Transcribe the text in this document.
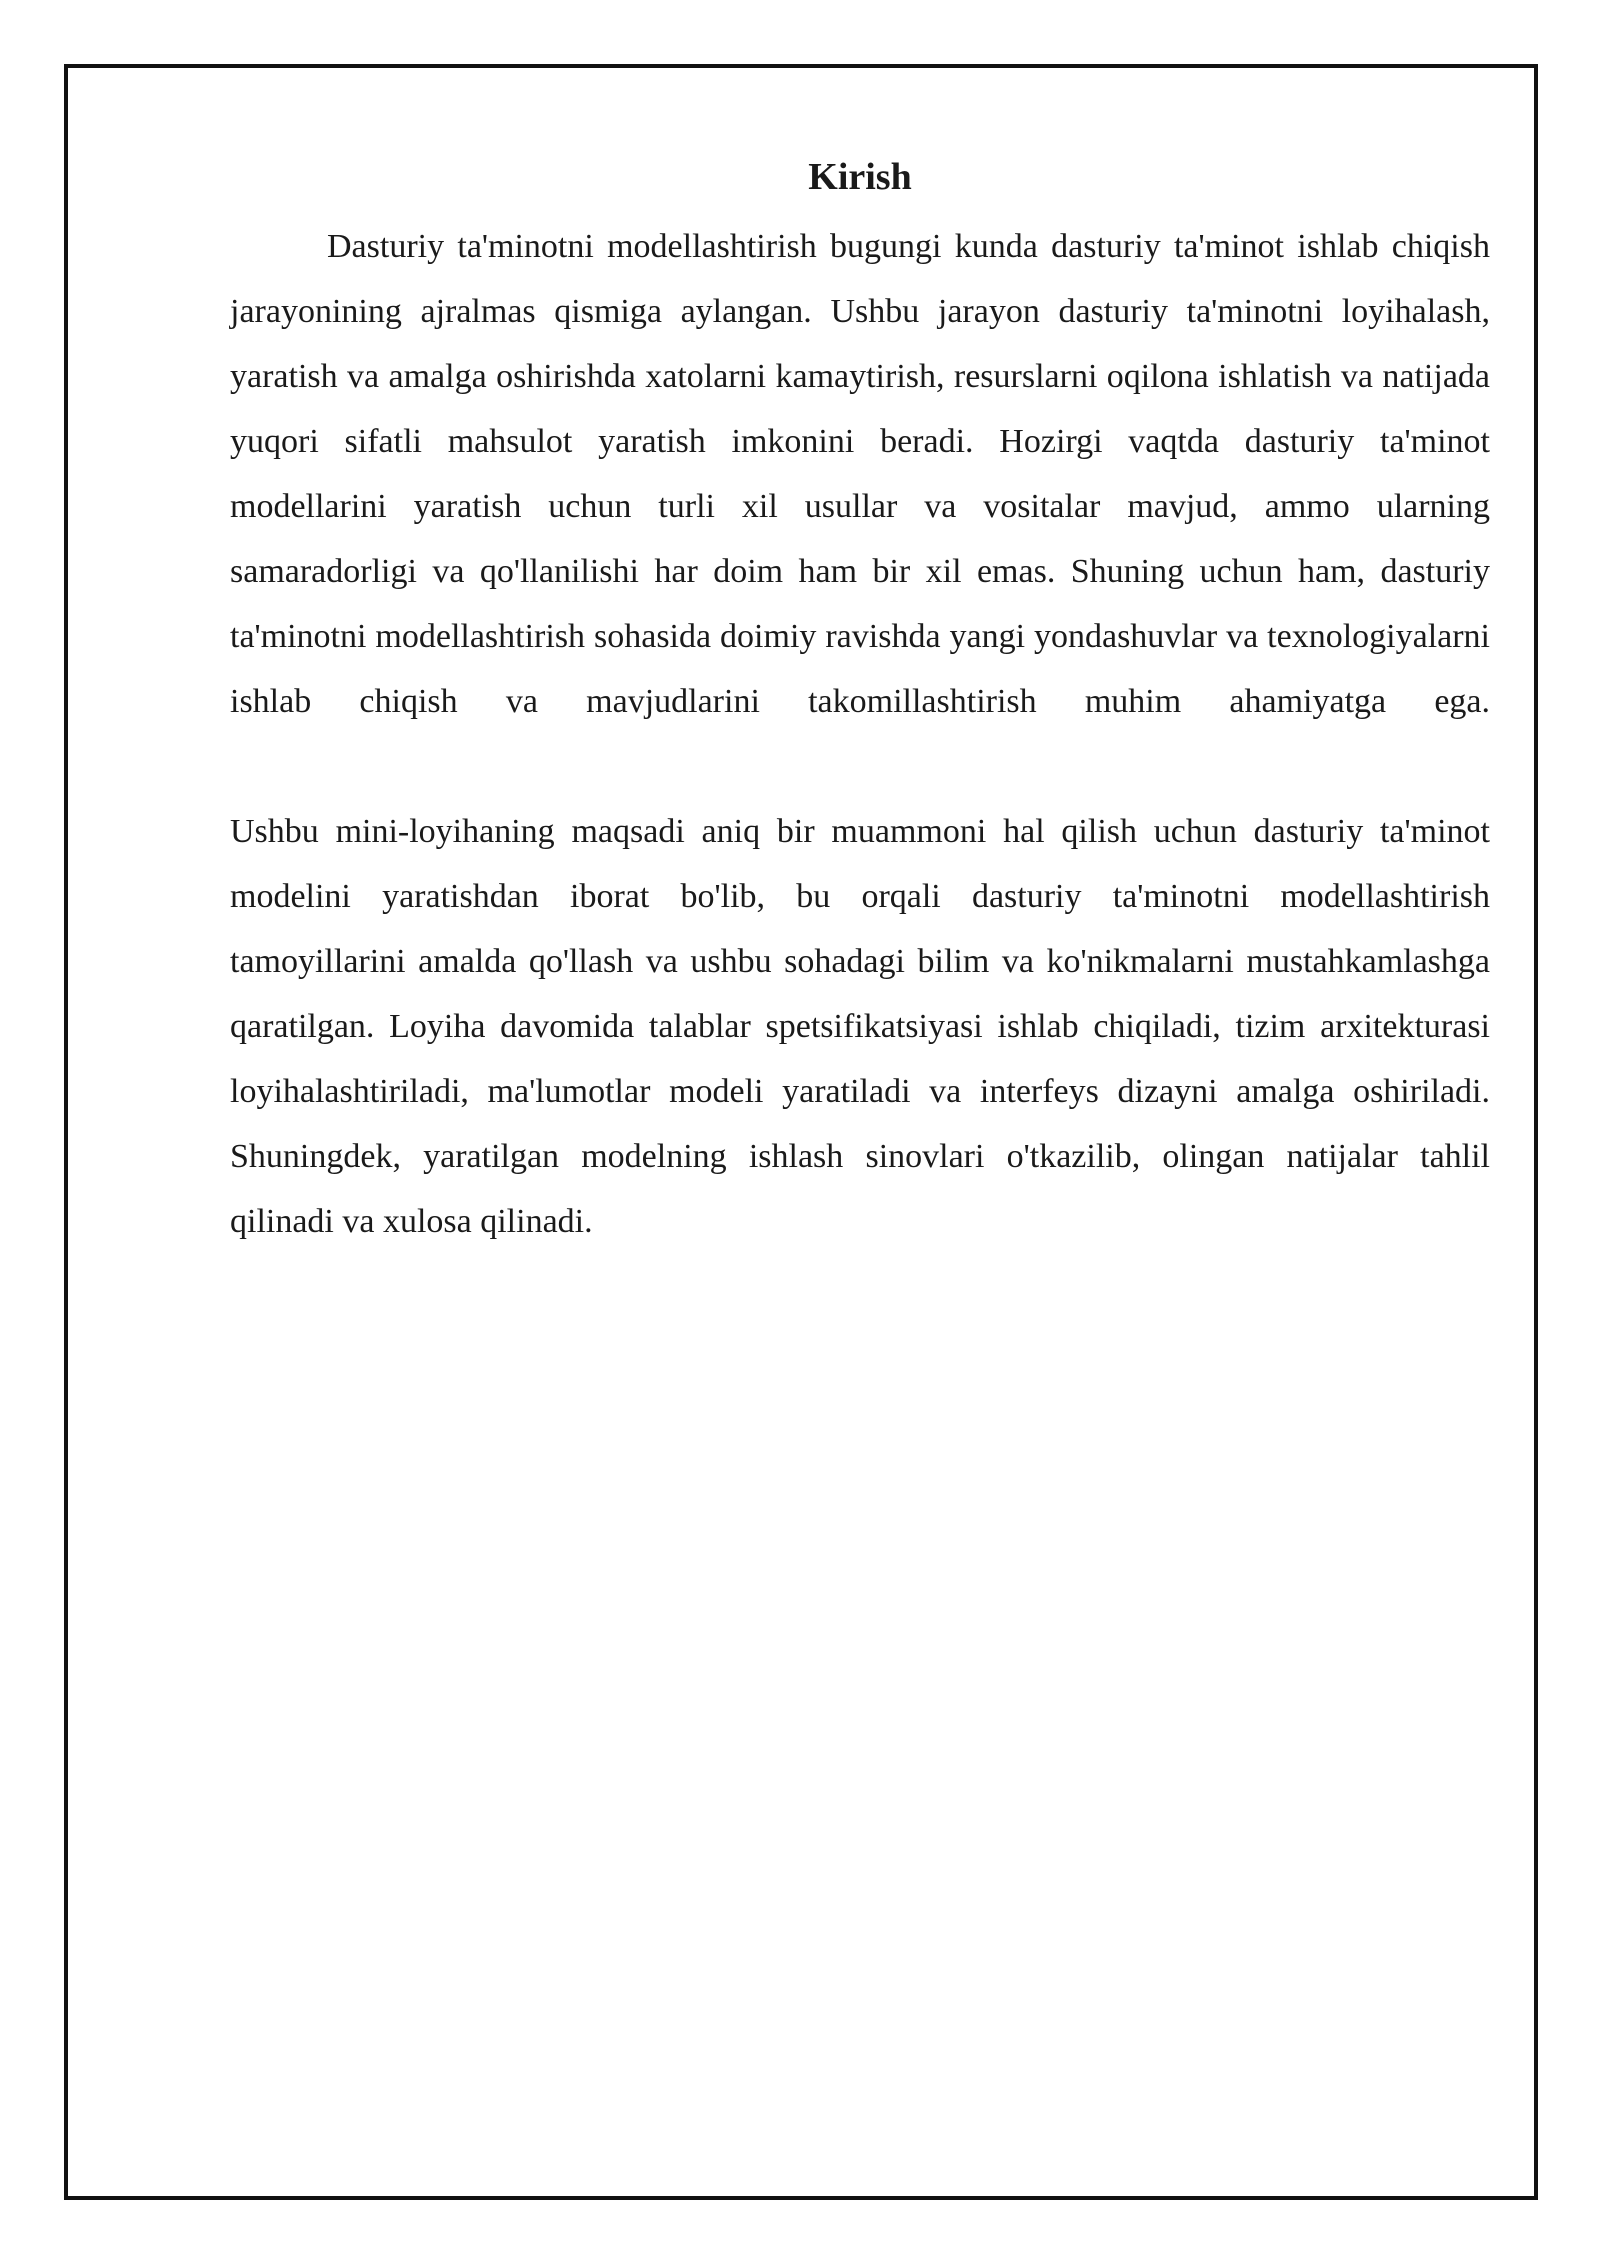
Kirish

Dasturiy ta'minotni modellashtirish bugungi kunda dasturiy ta'minot ishlab chiqish jarayonining ajralmas qismiga aylangan. Ushbu jarayon dasturiy ta'minotni loyihalash, yaratish va amalga oshirishda xatolarni kamaytirish, resurslarni oqilona ishlatish va natijada yuqori sifatli mahsulot yaratish imkonini beradi. Hozirgi vaqtda dasturiy ta'minot modellarini yaratish uchun turli xil usullar va vositalar mavjud, ammo ularning samaradorligi va qo'llanilishi har doim ham bir xil emas. Shuning uchun ham, dasturiy ta'minotni modellashtirish sohasida doimiy ravishda yangi yondashuvlar va texnologiyalarni ishlab chiqish va mavjudlarini takomillashtirish muhim ahamiyatga ega.

Ushbu mini-loyihaning maqsadi aniq bir muammoni hal qilish uchun dasturiy ta'minot modelini yaratishdan iborat bo'lib, bu orqali dasturiy ta'minotni modellashtirish tamoyillarini amalda qo'llash va ushbu sohadagi bilim va ko'nikmalarni mustahkamlashga qaratilgan. Loyiha davomida talablar spetsifikatsiyasi ishlab chiqiladi, tizim arxitekturasi loyihalashtiriladi, ma'lumotlar modeli yaratiladi va interfeys dizayni amalga oshiriladi. Shuningdek, yaratilgan modelning ishlash sinovlari o'tkazilib, olingan natijalar tahlil qilinadi va xulosa qilinadi.
